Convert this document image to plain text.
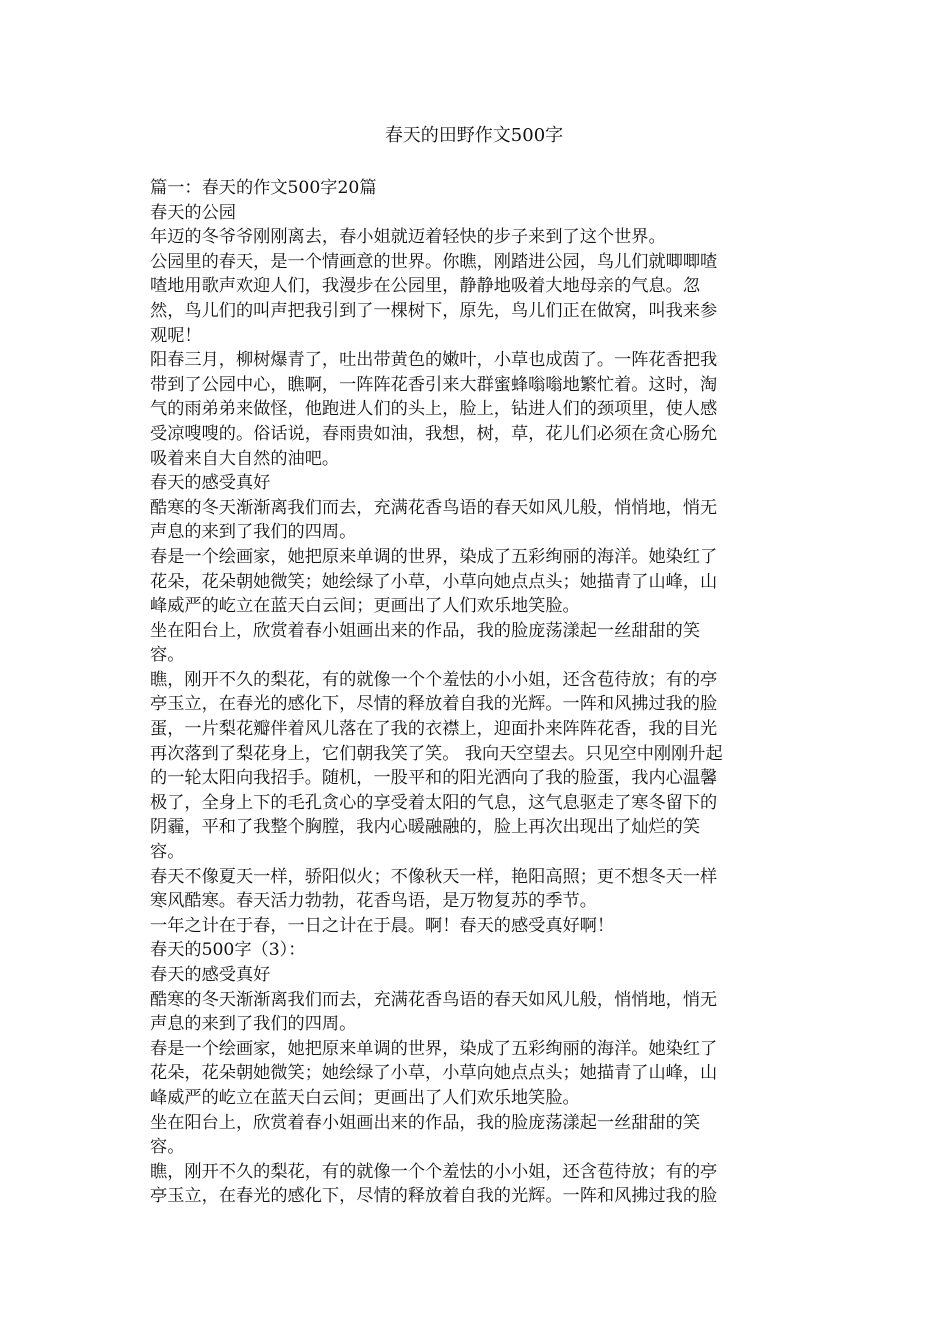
春天的田野作文500字

篇一：春天的作文500字20篇

春天的公园

年迈的冬爷爷刚刚离去，春小姐就迈着轻快的步子来到了这个世界。

公园里的春天，是一个情画意的世界。你瞧，刚踏进公园，鸟儿们就唧唧喳

喳地用歌声欢迎人们，我漫步在公园里，静静地吸着大地母亲的气息。忽

然，鸟儿们的叫声把我引到了一棵树下，原先，鸟儿们正在做窝，叫我来参

观呢！

阳春三月，柳树爆青了，吐出带黄色的嫩叶，小草也成茵了。一阵花香把我

带到了公园中心，瞧啊，一阵阵花香引来大群蜜蜂嗡嗡地繁忙着。这时，淘

气的雨弟弟来做怪，他跑进人们的头上，脸上，钻进人们的颈项里，使人感

受凉嗖嗖的。俗话说，春雨贵如油，我想，树，草，花儿们必须在贪心肠允

吸着来自大自然的油吧。

春天的感受真好

酷寒的冬天渐渐离我们而去，充满花香鸟语的春天如风儿般，悄悄地，悄无

声息的来到了我们的四周。

春是一个绘画家，她把原来单调的世界，染成了五彩绚丽的海洋。她染红了

花朵，花朵朝她微笑；她绘绿了小草，小草向她点点头；她描青了山峰，山

峰威严的屹立在蓝天白云间；更画出了人们欢乐地笑脸。

坐在阳台上，欣赏着春小姐画出来的作品，我的脸庞荡漾起一丝甜甜的笑

容。

瞧，刚开不久的梨花，有的就像一个个羞怯的小小姐，还含苞待放；有的亭

亭玉立，在春光的感化下，尽情的释放着自我的光辉。一阵和风拂过我的脸

蛋，一片梨花瓣伴着风儿落在了我的衣襟上，迎面扑来阵阵花香，我的目光

再次落到了梨花身上，它们朝我笑了笑。 我向天空望去。只见空中刚刚升起

的一轮太阳向我招手。随机，一股平和的阳光洒向了我的脸蛋，我内心温馨

极了，全身上下的毛孔贪心的享受着太阳的气息，这气息驱走了寒冬留下的

阴霾，平和了我整个胸膛，我内心暖融融的，脸上再次出现出了灿烂的笑

容。

春天不像夏天一样，骄阳似火；不像秋天一样，艳阳高照；更不想冬天一样

寒风酷寒。春天活力勃勃，花香鸟语，是万物复苏的季节。

一年之计在于春，一日之计在于晨。啊！春天的感受真好啊！

春天的500字（3）：

春天的感受真好

酷寒的冬天渐渐离我们而去，充满花香鸟语的春天如风儿般，悄悄地，悄无

声息的来到了我们的四周。

春是一个绘画家，她把原来单调的世界，染成了五彩绚丽的海洋。她染红了

花朵，花朵朝她微笑；她绘绿了小草，小草向她点点头；她描青了山峰，山

峰威严的屹立在蓝天白云间；更画出了人们欢乐地笑脸。

坐在阳台上，欣赏着春小姐画出来的作品，我的脸庞荡漾起一丝甜甜的笑

容。

瞧，刚开不久的梨花，有的就像一个个羞怯的小小姐，还含苞待放；有的亭

亭玉立，在春光的感化下，尽情的释放着自我的光辉。一阵和风拂过我的脸
